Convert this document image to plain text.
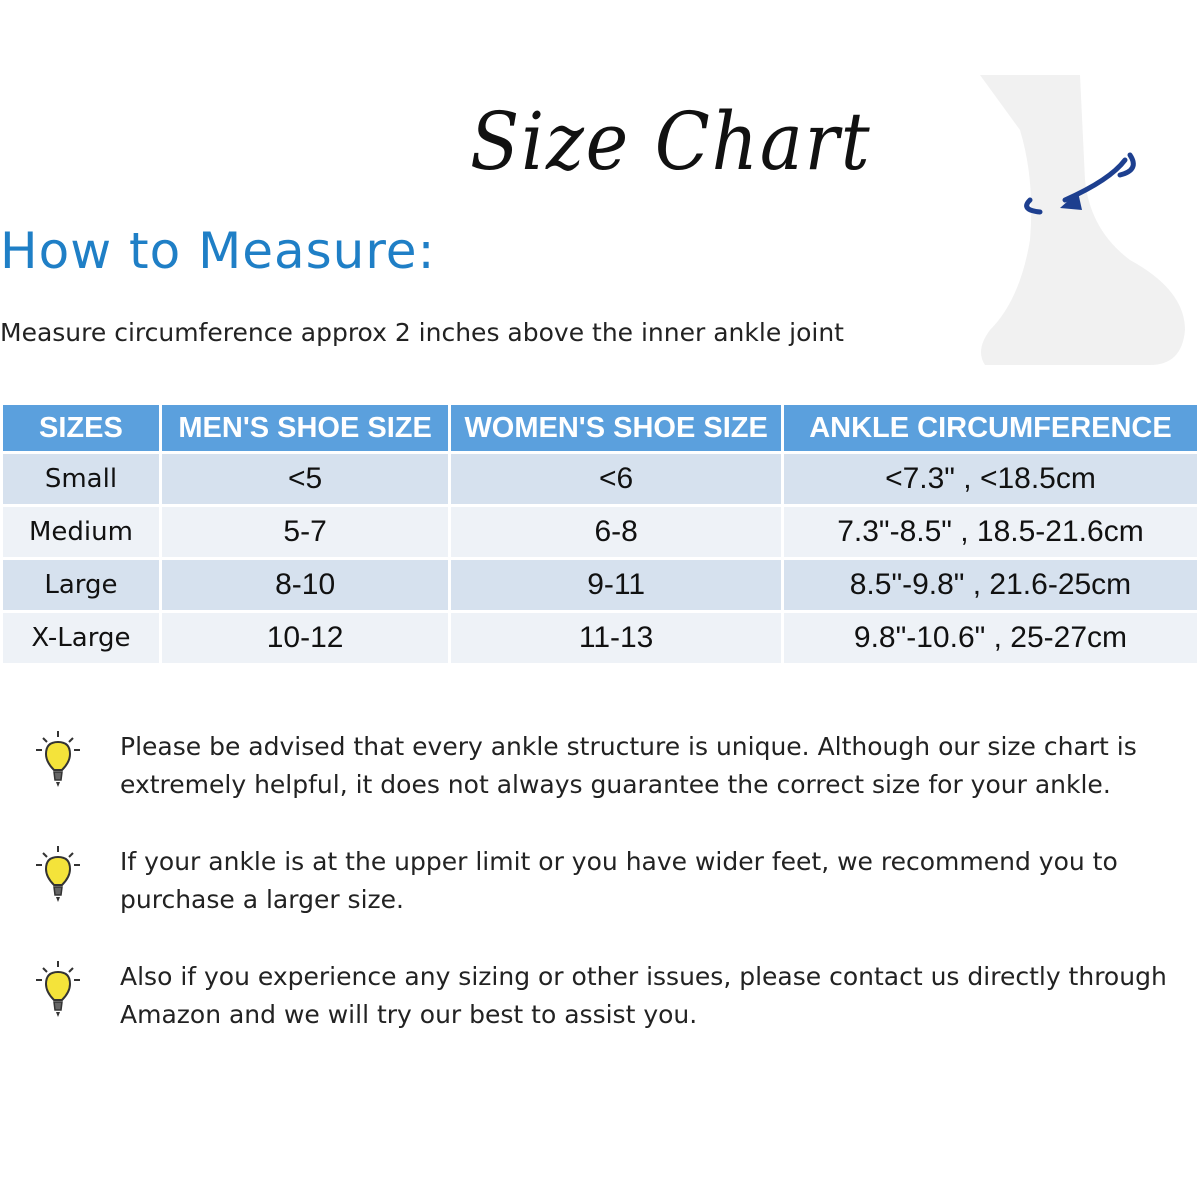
Size Chart
How to Measure:
Measure circumference approx 2 inches above the inner ankle joint
SIZES	MEN'S SHOE SIZE	WOMEN'S SHOE SIZE	ANKLE CIRCUMFERENCE
Small	<5	<6	<7.3" , <18.5cm
Medium	5-7	6-8	7.3"-8.5" , 18.5-21.6cm
Large	8-10	9-11	8.5"-9.8" , 21.6-25cm
X-Large	10-12	11-13	9.8"-10.6" , 25-27cm
Please be advised that every ankle structure is unique. Although our size chart is
extremely helpful, it does not always guarantee the correct size for your ankle.
If your ankle is at the upper limit or you have wider feet, we recommend you to
purchase a larger size.
Also if you experience any sizing or other issues, please contact us directly through
Amazon and we will try our best to assist you.
